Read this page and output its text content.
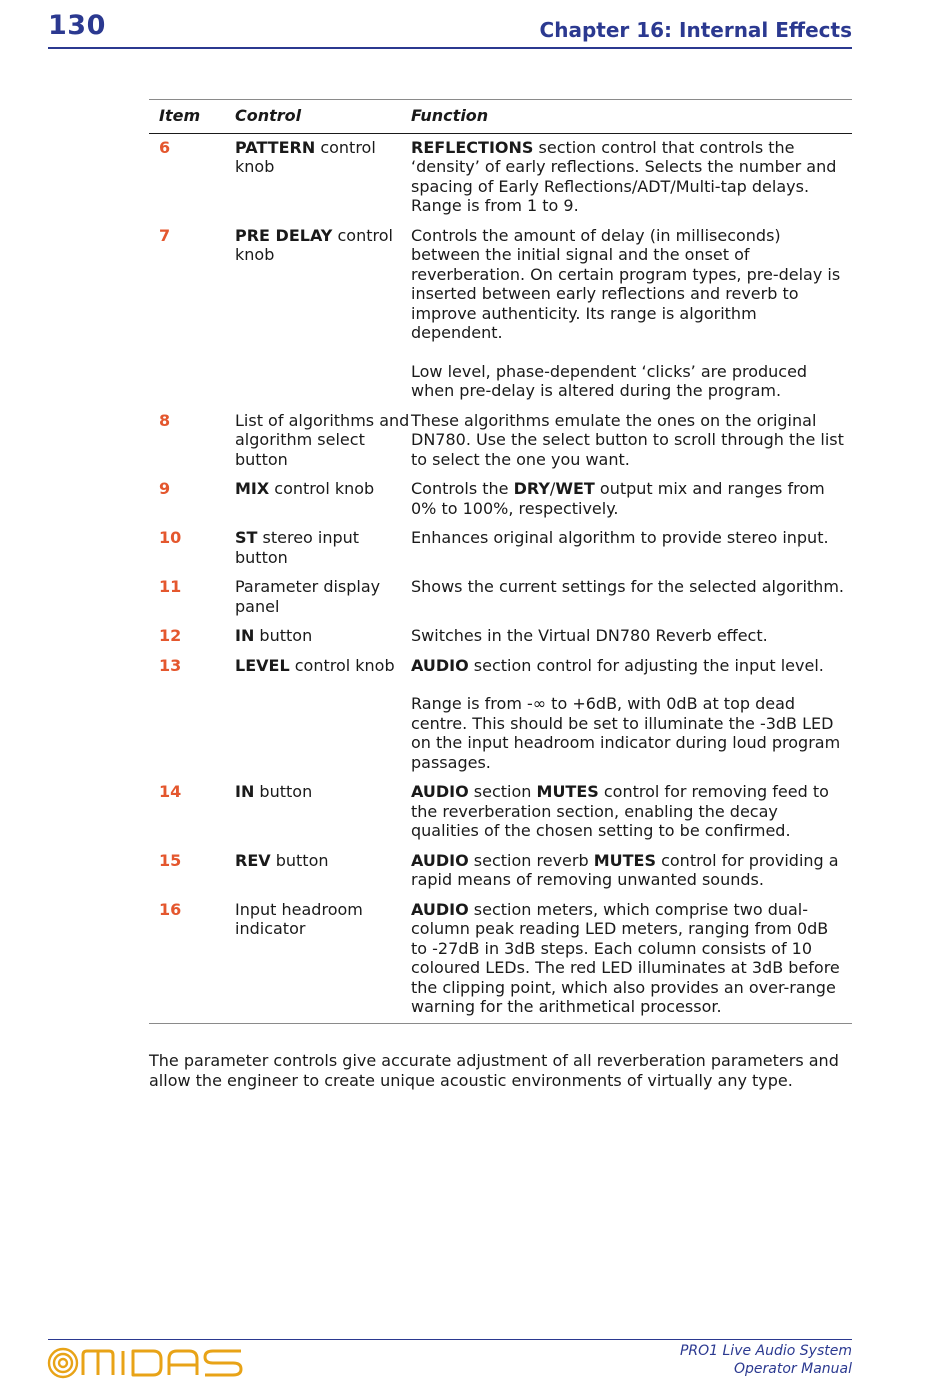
130	Chapter 16: Internal Effects
Item	Control	Function
6	PATTERN control knob	REFLECTIONS section control that controls the ‘density’ of early reflections. Selects the number and spacing of Early Reflections/ADT/Multi-tap delays. Range is from 1 to 9.

7	PRE DELAY control knob	Controls the amount of delay (in milliseconds) between the initial signal and the onset of reverberation. On certain program types, pre-delay is inserted between early reflections and reverb to improve authenticity. Its range is algorithm dependent.
Low level, phase-dependent ‘clicks’ are produced when pre-delay is altered during the program.

8	List of algorithms and algorithm select button	These algorithms emulate the ones on the original DN780. Use the select button to scroll through the list to select the one you want.

9	MIX control knob	Controls the DRY/WET output mix and ranges from 0% to 100%, respectively.

10	ST stereo input button	Enhances original algorithm to provide stereo input.

11	Parameter display panel	Shows the current settings for the selected algorithm.

12	IN button	Switches in the Virtual DN780 Reverb effect.

13	LEVEL control knob	AUDIO section control for adjusting the input level.
Range is from -∞ to +6dB, with 0dB at top dead centre. This should be set to illuminate the -3dB LED on the input headroom indicator during loud program passages.

14	IN button	AUDIO section MUTES control for removing feed to the reverberation section, enabling the decay qualities of the chosen setting to be confirmed.

15	REV button	AUDIO section reverb MUTES control for providing a rapid means of removing unwanted sounds.

16	Input headroom indicator	AUDIO section meters, which comprise two dual-column peak reading LED meters, ranging from 0dB to -27dB in 3dB steps. Each column consists of 10 coloured LEDs. The red LED illuminates at 3dB before the clipping point, which also provides an over-range warning for the arithmetical processor.
The parameter controls give accurate adjustment of all reverberation parameters and allow the engineer to create unique acoustic environments of virtually any type.
PRO1 Live Audio System
Operator Manual
